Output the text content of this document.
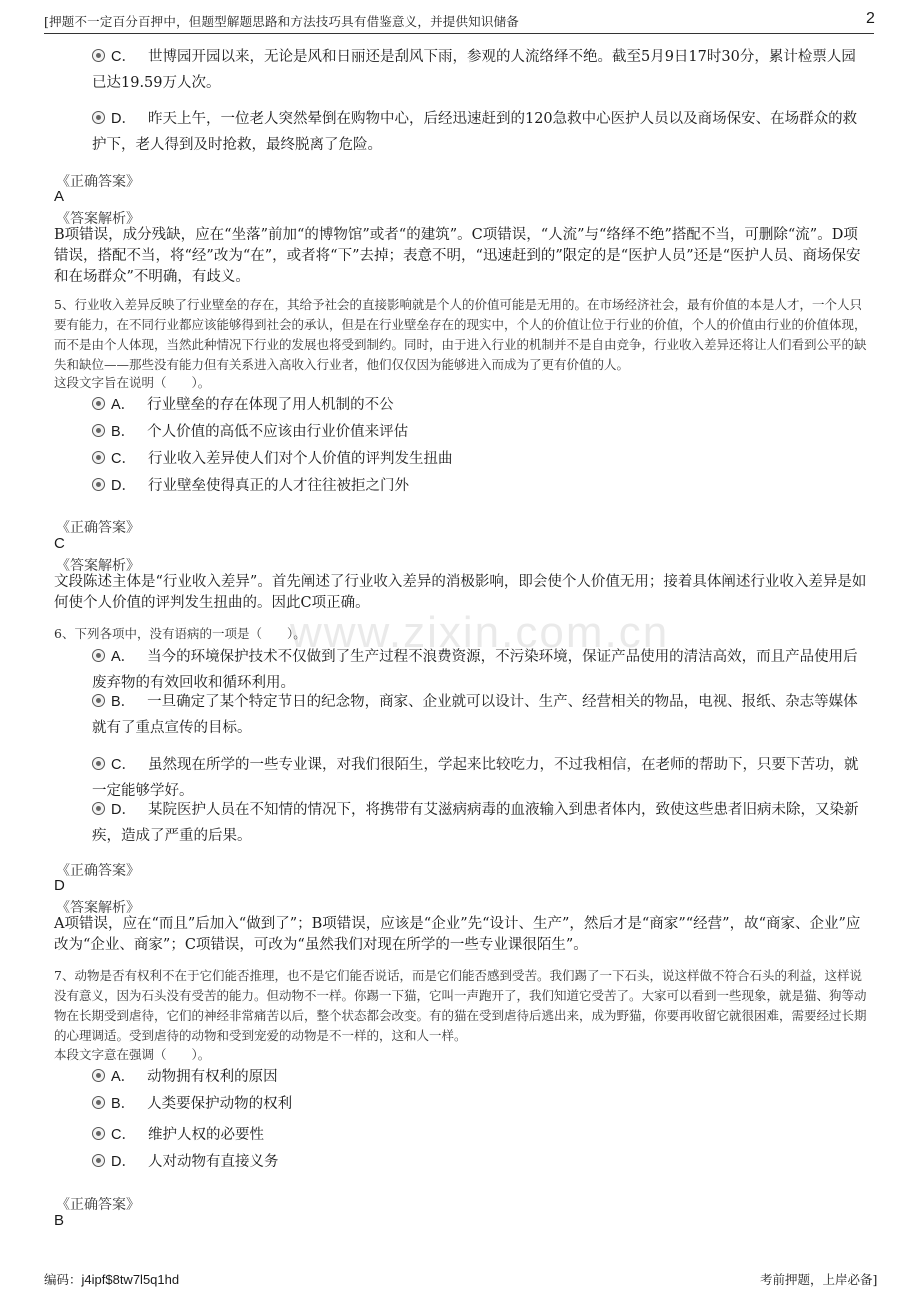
[押题不一定百分百押中，但题型解题思路和方法技巧具有借鉴意义，并提供知识储备	2
www.zixin.com.cn
C． 世博园开园以来，无论是风和日丽还是刮风下雨，参观的人流络绎不绝。截至5月9日17时30分，累计检票人园已达19.59万人次。
D． 昨天上午，一位老人突然晕倒在购物中心，后经迅速赶到的120急救中心医护人员以及商场保安、在场群众的救护下，老人得到及时抢救，最终脱离了危险。
《正确答案》
A
《答案解析》
B项错误，成分残缺，应在“坐落”前加“的博物馆”或者“的建筑”。C项错误，“人流”与“络绎不绝”搭配不当，可删除“流”。D项错误，搭配不当，将“经”改为“在”，或者将“下”去掉；表意不明，“迅速赶到的”限定的是“医护人员”还是“医护人员、商场保安和在场群众”不明确，有歧义。
5、行业收入差异反映了行业壁垒的存在，其给予社会的直接影响就是个人的价值可能是无用的。在市场经济社会，最有价值的本是人才，一个人只要有能力，在不同行业都应该能够得到社会的承认，但是在行业壁垒存在的现实中，个人的价值让位于行业的价值，个人的价值由行业的价值体现，而不是由个人体现，当然此种情况下行业的发展也将受到制约。同时，由于进入行业的机制并不是自由竞争，行业收入差异还将让人们看到公平的缺失和缺位——那些没有能力但有关系进入高收入行业者，他们仅仅因为能够进入而成为了更有价值的人。
这段文字旨在说明（　　）。
A． 行业壁垒的存在体现了用人机制的不公
B． 个人价值的高低不应该由行业价值来评估
C． 行业收入差异使人们对个人价值的评判发生扭曲
D． 行业壁垒使得真正的人才往往被拒之门外
《正确答案》
C
《答案解析》
文段陈述主体是“行业收入差异”。首先阐述了行业收入差异的消极影响，即会使个人价值无用；接着具体阐述行业收入差异是如何使个人价值的评判发生扭曲的。因此C项正确。
6、下列各项中，没有语病的一项是（　　）。
A． 当今的环境保护技术不仅做到了生产过程不浪费资源，不污染环境，保证产品使用的清洁高效，而且产品使用后废弃物的有效回收和循环利用。
B． 一旦确定了某个特定节日的纪念物，商家、企业就可以设计、生产、经营相关的物品，电视、报纸、杂志等媒体就有了重点宣传的目标。
C． 虽然现在所学的一些专业课，对我们很陌生，学起来比较吃力，不过我相信，在老师的帮助下，只要下苦功，就一定能够学好。
D． 某院医护人员在不知情的情况下，将携带有艾滋病病毒的血液输入到患者体内，致使这些患者旧病未除，又染新疾，造成了严重的后果。
《正确答案》
D
《答案解析》
A项错误，应在“而且”后加入“做到了”；B项错误，应该是“企业”先“设计、生产”，然后才是“商家”“经营”，故“商家、企业”应改为“企业、商家”；C项错误，可改为“虽然我们对现在所学的一些专业课很陌生”。
7、动物是否有权利不在于它们能否推理，也不是它们能否说话，而是它们能否感到受苦。我们踢了一下石头，说这样做不符合石头的利益，这样说没有意义，因为石头没有受苦的能力。但动物不一样。你踢一下猫，它叫一声跑开了，我们知道它受苦了。大家可以看到一些现象，就是猫、狗等动物在长期受到虐待，它们的神经非常痛苦以后，整个状态都会改变。有的猫在受到虐待后逃出来，成为野猫，你要再收留它就很困难，需要经过长期的心理调适。受到虐待的动物和受到宠爱的动物是不一样的，这和人一样。
本段文字意在强调（　　）。
A． 动物拥有权利的原因
B． 人类要保护动物的权利
C． 维护人权的必要性
D． 人对动物有直接义务
《正确答案》
B
编码：j4ipf$8tw7l5q1hd	考前押题，上岸必备]
